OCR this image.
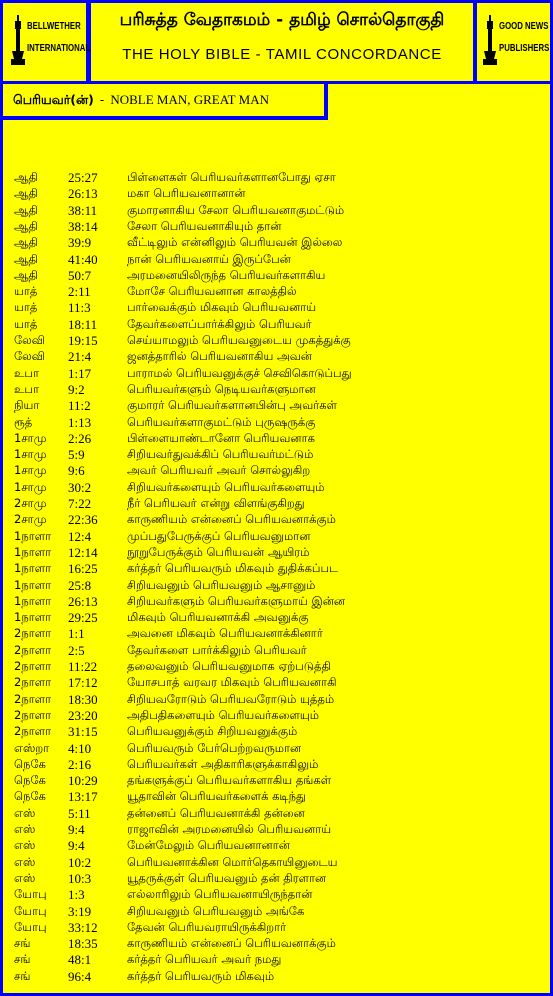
BELLWETHER
INTERNATIONAL
பரிசுத்த வேதாகமம் - தமிழ் சொல்தொகுதி
THE HOLY BIBLE - TAMIL CONCORDANCE
GOOD NEWS
PUBLISHERS
பெரியவர்(ன்) - NOBLE MAN, GREAT MAN
ஆதி 25:27	பிள்ளைகள் பெரியவர்களானபோது ஏசா
ஆதி 26:13	மகா பெரியவனானான்
ஆதி 38:11	குமாரனாகிய சேலா பெரியவனாகுமட்டும்
ஆதி 38:14	சேலா பெரியவனாகியும் தான்
ஆதி 39:9	வீட்டிலும் என்னிலும் பெரியவன் இல்லை
ஆதி 41:40	நான் பெரியவனாய் இருப்பேன்
ஆதி 50:7	அரமனையிலிருந்த பெரியவர்களாகிய
யாத் 2:11	மோசே பெரியவனான காலத்தில்
யாத் 11:3	பார்வைக்கும் மிகவும் பெரியவனாய்
யாத் 18:11	தேவர்களைப்பார்க்கிலும் பெரியவர்
லேவி 19:15	செய்யாமலும் பெரியவனுடைய முகத்துக்கு
லேவி 21:4	ஜனத்தாரில் பெரியவனாகிய அவன்
உபா 1:17	பாராமல் பெரியவனுக்குச் செவிகொடுப்பது
உபா 9:2	பெரியவர்களும் நெடியவர்களுமான
நியா 11:2	குமாரர் பெரியவர்களானபின்பு அவர்கள்
ரூத்	1:13	பெரியவர்களாகுமட்டும் புருஷருக்கு
1சாமு 2:26	பிள்ளையாண்டானோ பெரியவனாக
1சாமு 5:9	சிறியவர்துவக்கிப் பெரியவர்மட்டும்
1சாமு 9:6	அவர் பெரியவர் அவர் சொல்லுகிற
1சாமு 30:2	சிறியவர்களையும் பெரியவர்களையும்
2சாமு 7:22	நீர் பெரியவர் என்று விளங்குகிறது
2சாமு 22:36	காருணியம் என்னைப் பெரியவனாக்கும்
1நாளா 12:4	முப்பதுபேருக்குப் பெரியவனுமான
1நாளா 12:14	நூறுபேருக்கும் பெரியவன் ஆயிரம்
1நாளா 16:25	கர்த்தர் பெரியவரும் மிகவும் துதிக்கப்பட
1நாளா 25:8	சிறியவனும் பெரியவனும் ஆசானும்
1நாளா 26:13	சிறியவர்களும் பெரியவர்களுமாய் இன்ன
1நாளா 29:25	மிகவும் பெரியவனாக்கி அவனுக்கு
2நாளா 1:1	அவனை மிகவும் பெரியவனாக்கினார்
2நாளா 2:5	தேவர்களை பார்க்கிலும் பெரியவர்
2நாளா 11:22	தலைவனும் பெரியவனுமாக ஏற்படுத்தி
2நாளா 17:12	யோசபாத் வரவர மிகவும் பெரியவனாகி
2நாளா 18:30	சிறியவரோடும் பெரியவரோடும் யுத்தம்
2நாளா 23:20	அதிபதிகளையும் பெரியவர்களையும்
2நாளா 31:15	பெரியவனுக்கும் சிறியவனுக்கும்
எஸ்றா 4:10	பெரியவரும் பேர்பெற்றவருமான
நெகே 2:16	பெரியவர்கள் அதிகாரிகளுக்காகிலும்
நெகே 10:29	தங்களுக்குப் பெரியவர்களாகிய தங்கள்
நெகே 13:17	யூதாவின் பெரியவர்களைக் கடிந்து
எஸ்	5:11	தன்னைப் பெரியவனாக்கி தன்னை
எஸ்	9:4	ராஜாவின் அரமனையில் பெரியவனாய்
எஸ்	9:4	மேன்மேலும் பெரியவனானான்
எஸ்	10:2	பெரியவனாக்கின மொர்தெகாயினுடைய
எஸ்	10:3	யூதருக்குள் பெரியவனும் தன் திரளான
யோபு 1:3	எல்லாரிலும் பெரியவனாயிருந்தான்
யோபு 3:19	சிறியவனும் பெரியவனும் அங்கே
யோபு 33:12	தேவன் பெரியவராயிருக்கிறார்
சங்	18:35	காருணியம் என்னைப் பெரியவனாக்கும்
சங்	48:1	கர்த்தர் பெரியவர் அவர் நமது
சங்	96:4	கர்த்தர் பெரியவரும் மிகவும்
